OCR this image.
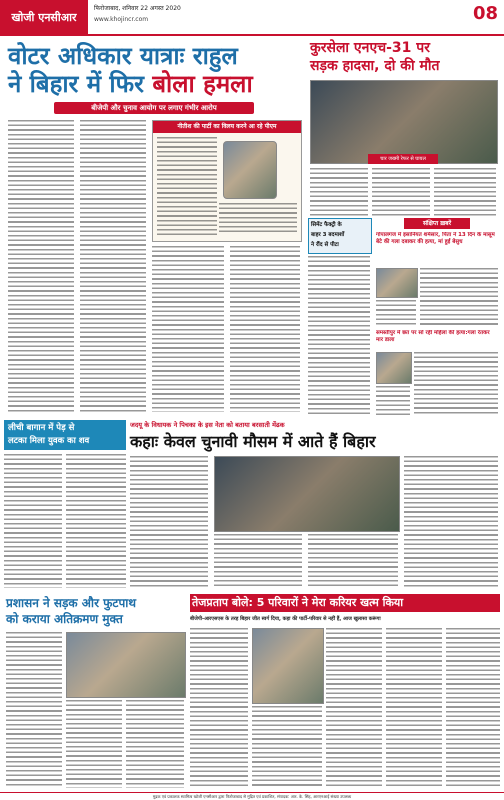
खोजी एनसीआर
फिरोजाबाद, शनिवार 22 अगस्त 2020
www.khojincr.com	08
वोटर अधिकार यात्राः राहुल
ने बिहार में फिर बोला हमला
बीजेपी और चुनाव आयोग पर लगाए गंभीर आरोप
नीतीश की पार्टी का विलय करने आ रहे पीएम
कुरसेला एनएच-31 पर
सड़क हादसा, दो की मौत
चार जख्मी रेफर से घायल
सिमेंट फैक्ट्री के
बाहर 3 बदमाशों
ने रौंद से पीटा
संक्षिप्त ख़बरें
गोपालगंज में इंसानियत शर्मसार, पिता ने 13 दिन के मासूम बेटे की गला दबाकर की हत्या, मां हुई बेसुध
समस्तीपुर में छत पर सो रही महिला की हत्या:गला रेतकर मार डाला
लीची बागान में पेड़ से
लटका मिला युवक का शव
जदयू के विधायक ने पिचका के इस नेता को बताया बरसाती मेंढक
कहाः केवल चुनावी मौसम में आते हैं बिहार
प्रशासन ने सड़क और फुटपाथ
को कराया अतिक्रमण मुक्त
तेजप्रताप बोले: 5 परिवारों ने मेरा करियर खत्म किया
बीजेपी-आरएसएस के तरह बिहार जीत स्वर्ग दिया, कहा की पार्टी-परिवार से नहीं हैं, आज खुलासा करूंगा
मुद्रक एवं प्रकाशक स्वामित्व खोजी एनसीआर द्वारा फिरोजाबाद से मुद्रित एवं प्रकाशित, संपादक: आर. के. सिंह, आरएनआई संख्या उपलब्ध
